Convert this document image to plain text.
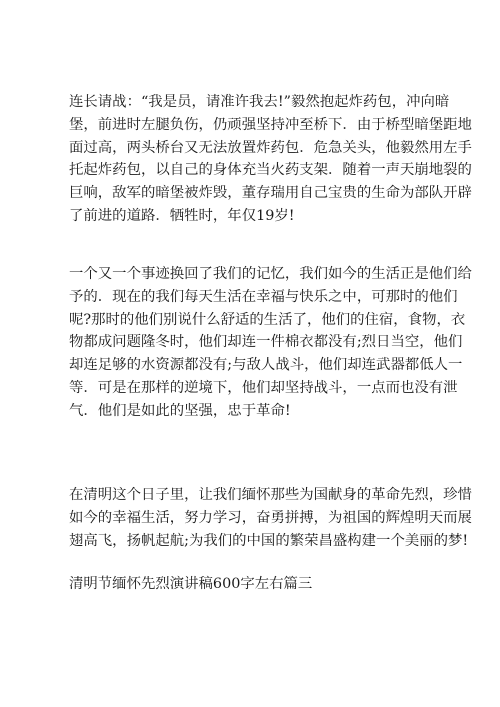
连长请战：“我是员，请准许我去!”毅然抱起炸药包，冲向暗
堡，前进时左腿负伤，仍顽强坚持冲至桥下．由于桥型暗堡距地
面过高，两头桥台又无法放置炸药包．危急关头，他毅然用左手
托起炸药包，以自己的身体充当火药支架．随着一声天崩地裂的
巨响，敌军的暗堡被炸毁，董存瑞用自己宝贵的生命为部队开辟
了前进的道路．牺牲时，年仅19岁!

一个又一个事迹换回了我们的记忆，我们如今的生活正是他们给
予的．现在的我们每天生活在幸福与快乐之中，可那时的他们
呢?那时的他们别说什么舒适的生活了，他们的住宿，食物，衣
物都成问题隆冬时，他们却连一件棉衣都没有;烈日当空，他们
却连足够的水资源都没有;与敌人战斗，他们却连武器都低人一
等．可是在那样的逆境下，他们却坚持战斗，一点而也没有泄
气．他们是如此的坚强，忠于革命!

在清明这个日子里，让我们缅怀那些为国献身的革命先烈，珍惜
如今的幸福生活，努力学习，奋勇拼搏，为祖国的辉煌明天而展
翅高飞，扬帆起航;为我们的中国的繁荣昌盛构建一个美丽的梦!

清明节缅怀先烈演讲稿600字左右篇三
